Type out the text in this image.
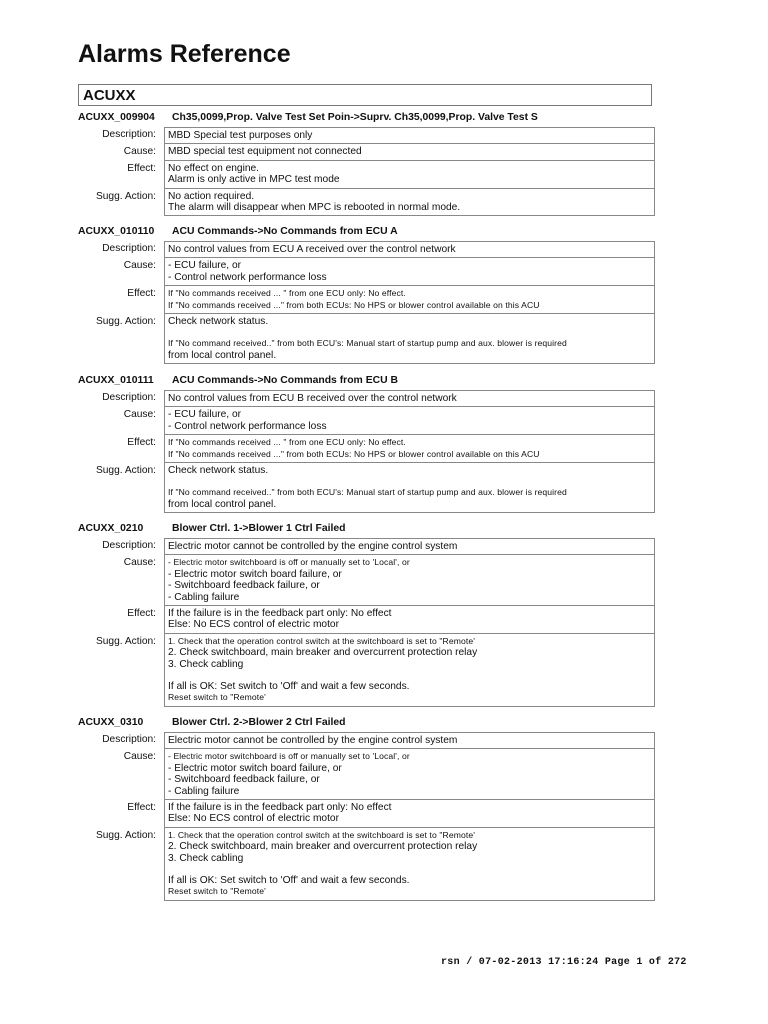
Alarms Reference
ACUXX
ACUXX_009904	Ch35,0099,Prop. Valve Test Set Poin->Suprv. Ch35,0099,Prop. Valve Test S
Description:	MBD Special test purposes only
Cause:	MBD special test equipment not connected
Effect:	No effect on engine.
Alarm is only active in MPC test mode
Sugg. Action:	No action required.
The alarm will disappear when MPC is rebooted in normal mode.
ACUXX_010110	ACU Commands->No Commands from ECU A
Description:	No control values from ECU A received over the control network
Cause:	- ECU failure, or
- Control network performance loss
Effect:	If "No commands received ... " from one ECU only: No effect.
If "No commands received ..." from both ECUs: No HPS or blower control available on this ACU
Sugg. Action:	Check network status.
If "No command received.." from both ECU's: Manual start of startup pump and aux. blower is required
from local control panel.
ACUXX_010111	ACU Commands->No Commands from ECU B
Description:	No control values from ECU B received over the control network
Cause:	- ECU failure, or
- Control network performance loss
Effect:	If "No commands received ... " from one ECU only: No effect.
If "No commands received ..." from both ECUs: No HPS or blower control available on this ACU
Sugg. Action:	Check network status.
If "No command received.." from both ECU's: Manual start of startup pump and aux. blower is required
from local control panel.
ACUXX_0210	Blower Ctrl. 1->Blower 1 Ctrl Failed
Description:	Electric motor cannot be controlled by the engine control system
Cause:	- Electric motor switchboard is off or manually set to 'Local', or
- Electric motor switch board failure, or
- Switchboard feedback failure, or
- Cabling failure
Effect:	If the failure is in the feedback part only: No effect
Else: No ECS control of electric motor
Sugg. Action:	1. Check that the operation control switch at the switchboard is set to "Remote'
2. Check switchboard, main breaker and overcurrent protection relay
3. Check cabling
If all is OK: Set switch to 'Off' and wait a few seconds.
Reset switch to "Remote'
ACUXX_0310	Blower Ctrl. 2->Blower 2 Ctrl Failed
Description:	Electric motor cannot be controlled by the engine control system
Cause:	- Electric motor switchboard is off or manually set to 'Local', or
- Electric motor switch board failure, or
- Switchboard feedback failure, or
- Cabling failure
Effect:	If the failure is in the feedback part only: No effect
Else: No ECS control of electric motor
Sugg. Action:	1. Check that the operation control switch at the switchboard is set to "Remote'
2. Check switchboard, main breaker and overcurrent protection relay
3. Check cabling
If all is OK: Set switch to 'Off' and wait a few seconds.
Reset switch to "Remote'
rsn / 07-02-2013 17:16:24 Page 1 of 272
